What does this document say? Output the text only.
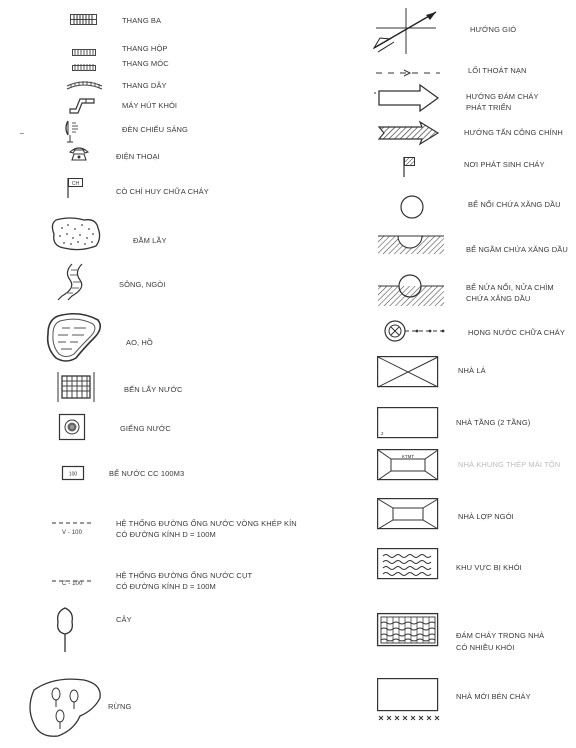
THANG BA
THANG HỘP
THANG MÓC
THANG DÂY
MÁY HÚT KHÓI
ĐÈN CHIẾU SÁNG
ĐIỆN THOẠI
CH
CÒ CHỈ HUY CHỮA CHÁY
ĐẦM LẦY
SÔNG, NGÒI
AO, HỒ
BẾN LẤY NƯỚC
GIẾNG NƯỚC
100	BỂ NƯỚC CC 100M3
V - 100
HỆ THỐNG ĐƯỜNG ỐNG NƯỚC VÒNG KHÉP KÍN
CÓ ĐƯỜNG KÍNH D = 100M
C - 100
HỆ THỐNG ĐƯỜNG ỐNG NƯỚC CỤT
CÓ ĐƯỜNG KÍNH D = 100M
CÂY
RỪNG
HƯỚNG GIÓ
LỐI THOÁT NẠN
HƯỚNG ĐÁM CHÁY
PHÁT TRIỂN
HƯỚNG TẤN CÔNG CHÍNH
NƠI PHÁT SINH CHÁY
BỂ NỔI CHỨA XĂNG DẦU
BỂ NGẦM CHỨA XĂNG DẦU
BỂ NỬA NỔI, NỬA CHÌM
CHỨA XĂNG DẦU
HỌNG NƯỚC CHỮA CHÁY
NHÀ LÁ
2
NHÀ TẦNG (2 TẦNG)
KTMT
NHÀ KHUNG THÉP MÁI TÔN
NHÀ LỢP NGÓI
KHU VỰC BỊ KHÓI
ĐÁM CHÁY TRONG NHÀ
CÓ NHIỀU KHÓI
NHÀ MỚI BÉN CHÁY
